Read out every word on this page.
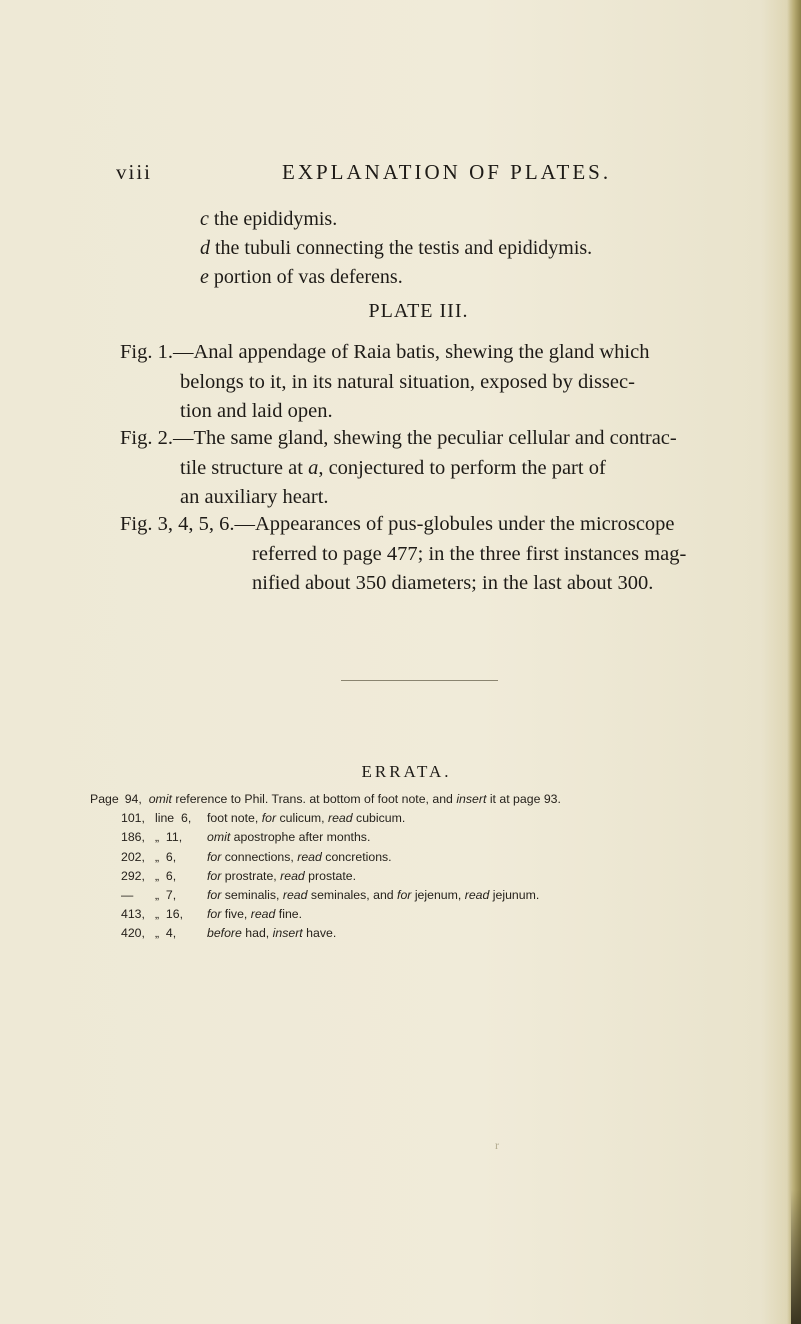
viii	EXPLANATION OF PLATES.
c the epididymis.
d the tubuli connecting the testis and epididymis.
e portion of vas deferens.
PLATE III.
Fig. 1.—Anal appendage of Raia batis, shewing the gland which
belongs to it, in its natural situation, exposed by dissec-
tion and laid open.
Fig. 2.—The same gland, shewing the peculiar cellular and contrac-
tile structure at a, conjectured to perform the part of
an auxiliary heart.
Fig. 3, 4, 5, 6.—Appearances of pus-globules under the microscope
referred to page 477; in the three first instances mag-
nified about 350 diameters; in the last about 300.
ERRATA.
Page 94, omit reference to Phil. Trans. at bottom of foot note, and insert it at page 93.
101, line  6,	foot note, for culicum, read cubicum.
186, „  11,	omit apostrophe after months.
202, „  6,	for connections, read concretions.
292, „  6,	for prostrate, read prostate.
—	„  7,	for seminalis, read seminales, and for jejenum, read jejunum.
413, „  16,	for five, read fine.
420, „  4,	before had, insert have.
r
